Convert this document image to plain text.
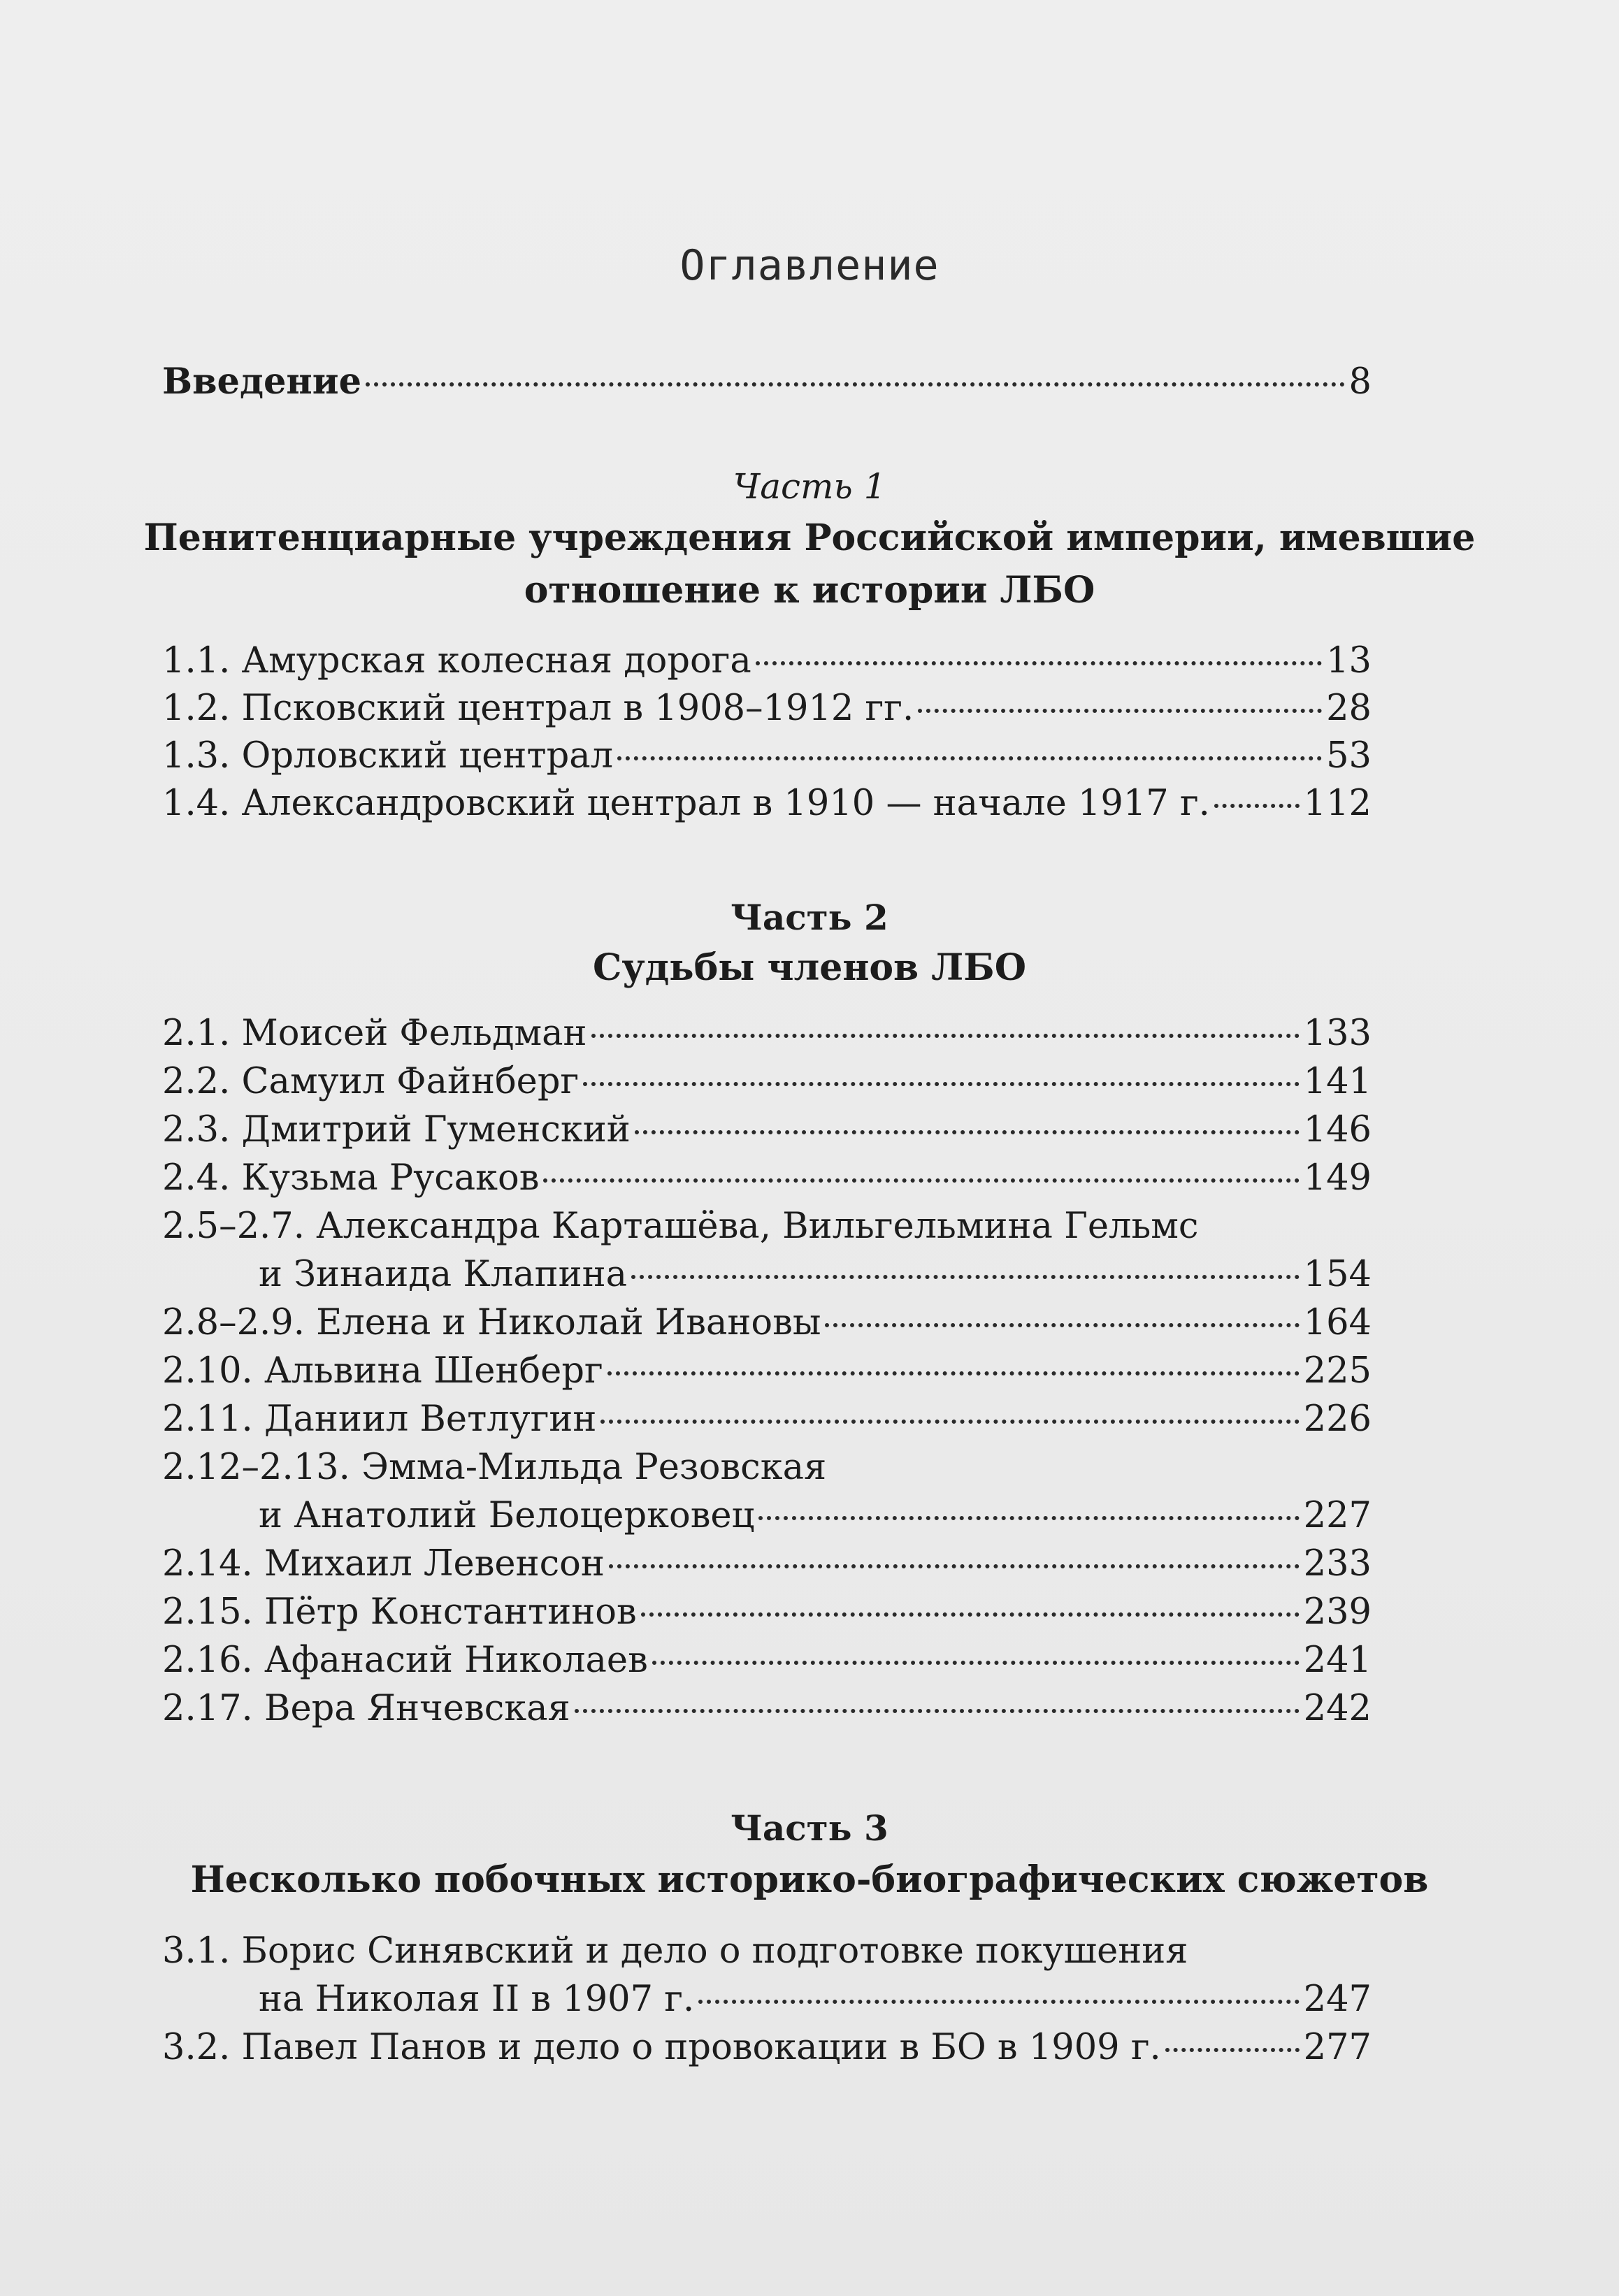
Оглавление
Введение	8
Часть 1
Пенитенциарные учреждения Российской империи, имевшие
отношение к истории ЛБО
1.1. Амурская колесная дорога	13
1.2. Псковский централ в 1908–1912 гг.	28
1.3. Орловский централ	53
1.4. Александровский централ в 1910 — начале 1917 г.	112
Часть 2
Судьбы членов ЛБО
2.1. Моисей Фельдман	133
2.2. Самуил Файнберг	141
2.3. Дмитрий Гуменский	146
2.4. Кузьма Русаков	149
2.5–2.7. Александра Карташёва, Вильгельмина Гельмс
и Зинаида Клапина	154
2.8–2.9. Елена и Николай Ивановы	164
2.10. Альвина Шенберг	225
2.11. Даниил Ветлугин	226
2.12–2.13. Эмма-Мильда Резовская
и Анатолий Белоцерковец	227
2.14. Михаил Левенсон	233
2.15. Пётр Константинов	239
2.16. Афанасий Николаев	241
2.17. Вера Янчевская	242
Часть 3
Несколько побочных историко-биографических сюжетов
3.1. Борис Синявский и дело о подготовке покушения
на Николая II в 1907 г.	247
3.2. Павел Панов и дело о провокации в БО в 1909 г.	277
